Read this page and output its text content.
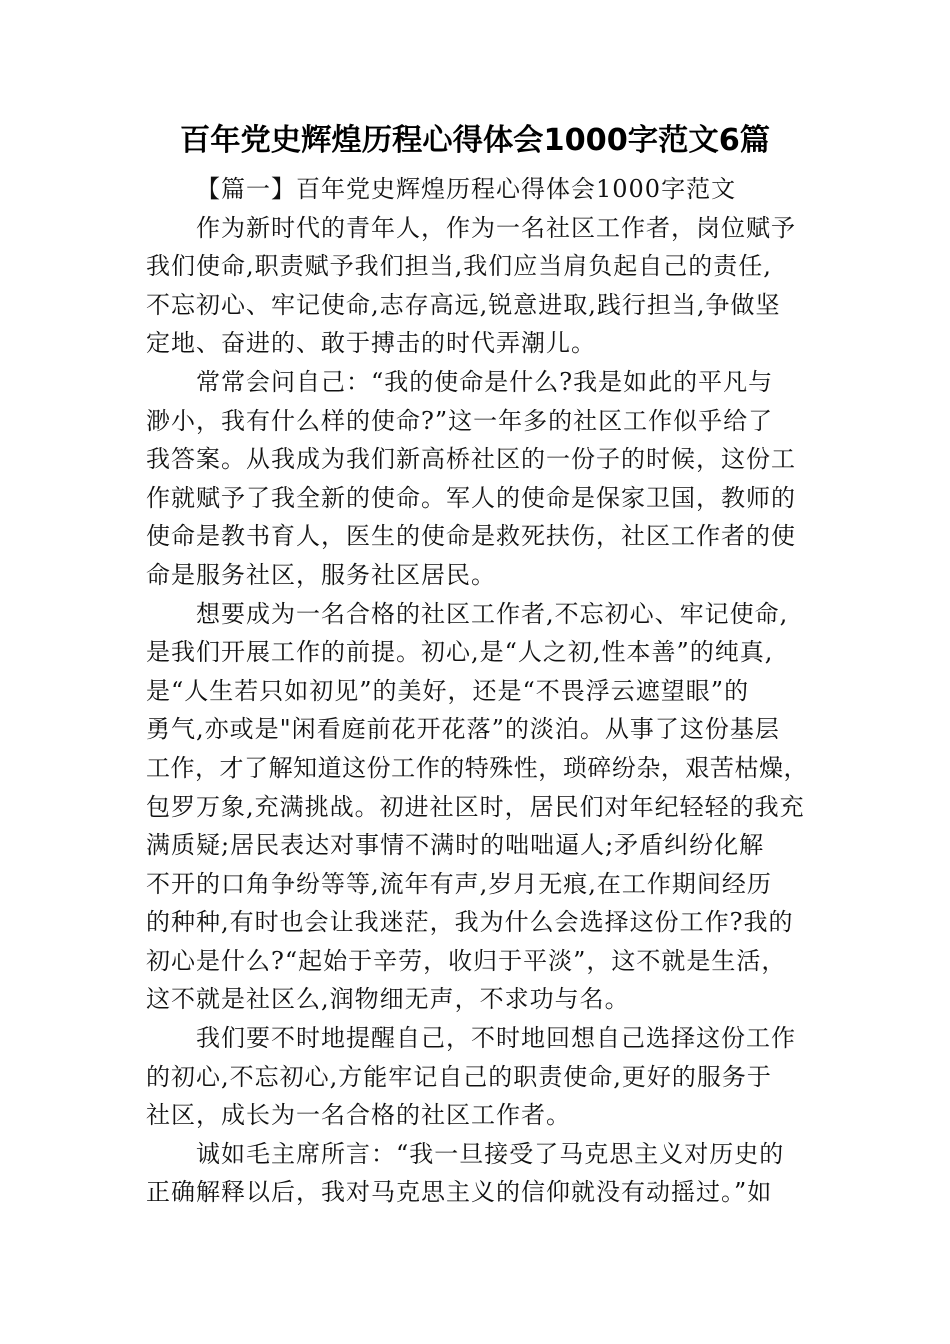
百年党史辉煌历程心得体会1000字范文6篇
【篇一】百年党史辉煌历程心得体会1000字范文
作为新时代的青年人，作为一名社区工作者，岗位赋予
我们使命,职责赋予我们担当,我们应当肩负起自己的责任,
不忘初心、牢记使命,志存高远,锐意进取,践行担当,争做坚
定地、奋进的、敢于搏击的时代弄潮儿。
常常会问自己：“我的使命是什么?我是如此的平凡与
渺小，我有什么样的使命?”这一年多的社区工作似乎给了
我答案。从我成为我们新高桥社区的一份子的时候，这份工
作就赋予了我全新的使命。军人的使命是保家卫国，教师的
使命是教书育人，医生的使命是救死扶伤，社区工作者的使
命是服务社区，服务社区居民。
想要成为一名合格的社区工作者,不忘初心、牢记使命,
是我们开展工作的前提。初心,是“人之初,性本善”的纯真,
是“人生若只如初见”的美好，还是“不畏浮云遮望眼”的
勇气,亦或是"闲看庭前花开花落”的淡泊。从事了这份基层
工作，才了解知道这份工作的特殊性，琐碎纷杂，艰苦枯燥，
包罗万象,充满挑战。初进社区时，居民们对年纪轻轻的我充
满质疑;居民表达对事情不满时的咄咄逼人;矛盾纠纷化解
不开的口角争纷等等,流年有声,岁月无痕,在工作期间经历
的种种,有时也会让我迷茫，我为什么会选择这份工作?我的
初心是什么?“起始于辛劳，收归于平淡”，这不就是生活，
这不就是社区么,润物细无声，不求功与名。
我们要不时地提醒自己，不时地回想自己选择这份工作
的初心,不忘初心,方能牢记自己的职责使命,更好的服务于
社区，成长为一名合格的社区工作者。
诚如毛主席所言：“我一旦接受了马克思主义对历史的
正确解释以后，我对马克思主义的信仰就没有动摇过。”如
